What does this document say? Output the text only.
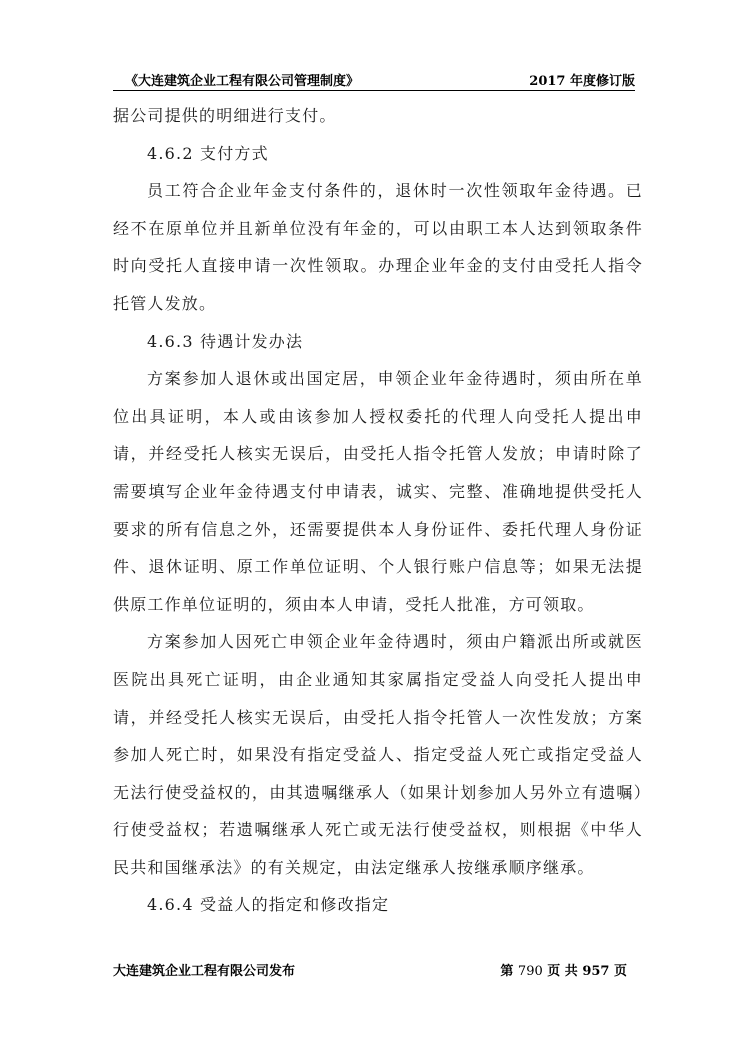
《大连建筑企业工程有限公司管理制度》	2017 年度修订版

据公司提供的明细进行支付。

4.6.2 支付方式

员工符合企业年金支付条件的，退休时一次性领取年金待遇。已经不在原单位并且新单位没有年金的，可以由职工本人达到领取条件时向受托人直接申请一次性领取。办理企业年金的支付由受托人指令托管人发放。

4.6.3 待遇计发办法

方案参加人退休或出国定居，申领企业年金待遇时，须由所在单位出具证明，本人或由该参加人授权委托的代理人向受托人提出申请，并经受托人核实无误后，由受托人指令托管人发放；申请时除了需要填写企业年金待遇支付申请表，诚实、完整、准确地提供受托人要求的所有信息之外，还需要提供本人身份证件、委托代理人身份证件、退休证明、原工作单位证明、个人银行账户信息等；如果无法提供原工作单位证明的，须由本人申请，受托人批准，方可领取。

方案参加人因死亡申领企业年金待遇时，须由户籍派出所或就医医院出具死亡证明，由企业通知其家属指定受益人向受托人提出申请，并经受托人核实无误后，由受托人指令托管人一次性发放；方案参加人死亡时，如果没有指定受益人、指定受益人死亡或指定受益人无法行使受益权的，由其遗嘱继承人（如果计划参加人另外立有遗嘱）行使受益权；若遗嘱继承人死亡或无法行使受益权，则根据《中华人民共和国继承法》的有关规定，由法定继承人按继承顺序继承。

4.6.4 受益人的指定和修改指定

大连建筑企业工程有限公司发布	第 790 页 共 957 页
